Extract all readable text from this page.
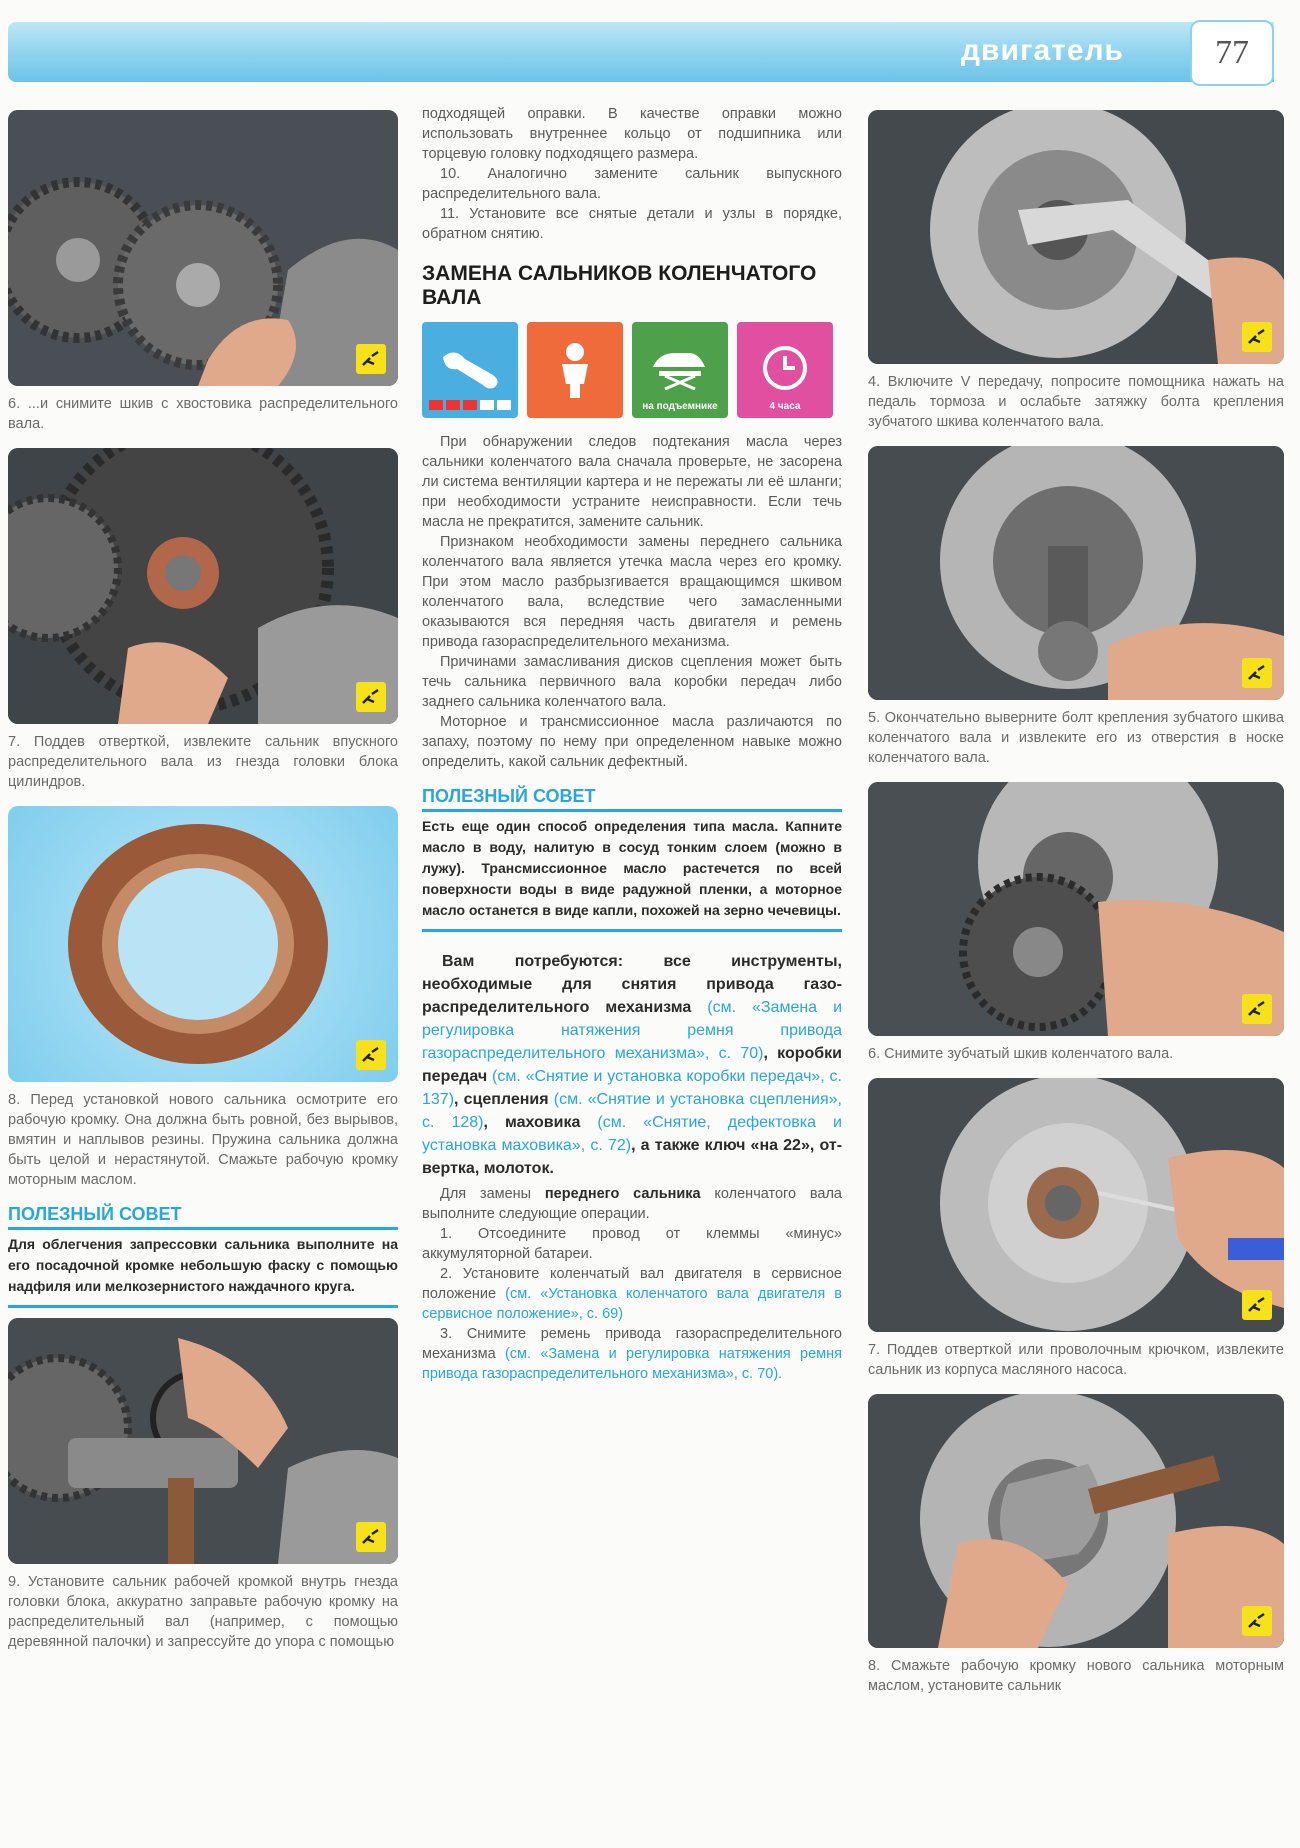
двигатель	77
6. ...и снимите шкив с хвостовика распределительного вала.
7. Поддев отверткой, извлеките сальник впускного распределительного вала из гнезда головки блока цилиндров.
8. Перед установкой нового сальника осмотрите его рабочую кромку. Она должна быть ровной, без вырывов, вмятин и наплывов резины. Пружина сальника должна быть целой и нерастянутой. Смажьте рабочую кромку моторным маслом.
ПОЛЕЗНЫЙ СОВЕТ
Для облегчения запрессовки сальника выполните на его посадочной кромке небольшую фаску с помощью надфиля или мелкозернистого наждачного круга.
9. Установите сальник рабочей кромкой внутрь гнезда головки блока, аккуратно заправьте рабочую кромку на распределительный вал (например, с помощью деревянной палочки) и запрессуйте до упора с помощью

подходящей оправки. В качестве оправки можно использовать внутреннее кольцо от подшипника или торцевую головку подходящего размера.

10. Аналогично замените сальник выпускного распределительного вала.

11. Установите все снятые детали и узлы в порядке, обратном снятию.

ЗАМЕНА САЛЬНИКОВ КОЛЕНЧАТОГО ВАЛА
на подъемнике	4 часа

При обнаружении следов подтекания масла через сальники коленчатого вала сначала проверьте, не засорена ли система вентиляции картера и не пережаты ли её шланги; при необходимости устраните неисправности. Если течь масла не прекратится, замените сальник.

Признаком необходимости замены переднего сальника коленчатого вала является утечка масла через его кромку. При этом масло разбрызгивается вращающимся шкивом коленчатого вала, вследствие чего замасленными оказываются вся передняя часть двигателя и ремень привода газораспределительного механизма.

Причинами замасливания дисков сцепления может быть течь сальника первичного вала коробки передач либо заднего сальника коленчатого вала.

Моторное и трансмиссионное масла различаются по запаху, поэтому по нему при определенном навыке можно определить, какой сальник дефектный.

ПОЛЕЗНЫЙ СОВЕТ
Есть еще один способ определения типа масла. Капните масло в воду, налитую в сосуд тонким слоем (можно в лужу). Трансмиссионное масло растечется по всей поверхности воды в виде радужной пленки, а моторное масло останется в виде капли, похожей на зерно чечевицы.

Вам потребуются: все инструменты, необходимые для снятия привода газораспределительного механизма (см. «Замена и регулировка натяжения ремня привода газораспределительного механизма», с. 70), коробки передач (см. «Снятие и установка коробки передач», с. 137), сцепления (см. «Снятие и установка сцепления», с. 128), маховика (см. «Снятие, дефектовка и установка маховика», с. 72), а также ключ «на 22», отвертка, молоток.

Для замены переднего сальника коленчатого вала выполните следующие операции.

1. Отсоедините провод от клеммы «минус» аккумуляторной батареи.

2. Установите коленчатый вал двигателя в сервисное положение (см. «Установка коленчатого вала двигателя в сервисное положение», с. 69)

3. Снимите ремень привода газораспределительного механизма (см. «Замена и регулировка натяжения ремня привода газораспределительного механизма», с. 70).

4. Включите V передачу, попросите помощника нажать на педаль тормоза и ослабьте затяжку болта крепления зубчатого шкива коленчатого вала.
5. Окончательно выверните болт крепления зубчатого шкива коленчатого вала и извлеките его из отверстия в носке коленчатого вала.
6. Снимите зубчатый шкив коленчатого вала.
7. Поддев отверткой или проволочным крючком, извлеките сальник из корпуса масляного насоса.
8. Смажьте рабочую кромку нового сальника моторным маслом, установите сальник
